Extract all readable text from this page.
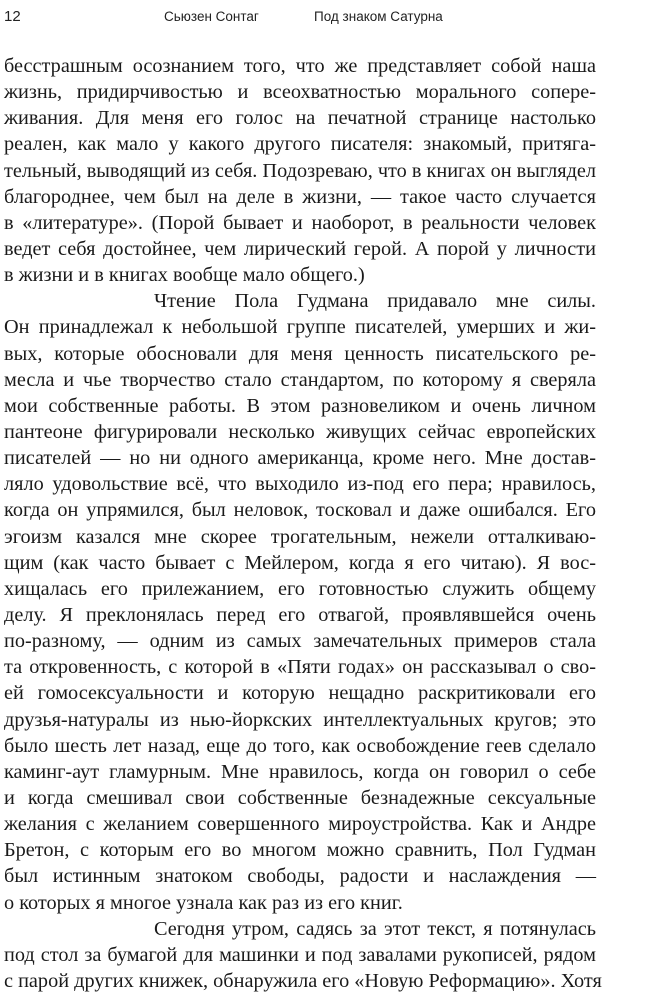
12	Сьюзен Сонтаг	Под знаком Сатурна
бесстрашным осознанием того, что же представляет собой наша
жизнь, придирчивостью и всеохватностью морального сопере-
живания. Для меня его голос на печатной странице настолько
реален, как мало у какого другого писателя: знакомый, притяга-
тельный, выводящий из себя. Подозреваю, что в книгах он выглядел
благороднее, чем был на деле в жизни, — такое часто случается
в «литературе». (Порой бывает и наоборот, в реальности человек
ведет себя достойнее, чем лирический герой. А порой у личности
в жизни и в книгах вообще мало общего.)
Чтение Пола Гудмана придавало мне силы.
Он принадлежал к небольшой группе писателей, умерших и жи-
вых, которые обосновали для меня ценность писательского ре-
месла и чье творчество стало стандартом, по которому я сверяла
мои собственные работы. В этом разновеликом и очень личном
пантеоне фигурировали несколько живущих сейчас европейских
писателей — но ни одного американца, кроме него. Мне достав-
ляло удовольствие всё, что выходило из-под его пера; нравилось,
когда он упрямился, был неловок, тосковал и даже ошибался. Его
эгоизм казался мне скорее трогательным, нежели отталкиваю-
щим (как часто бывает с Мейлером, когда я его читаю). Я вос-
хищалась его прилежанием, его готовностью служить общему
делу. Я преклонялась перед его отвагой, проявлявшейся очень
по-разному, — одним из самых замечательных примеров стала
та откровенность, с которой в «Пяти годах» он рассказывал о сво-
ей гомосексуальности и которую нещадно раскритиковали его
друзья-натуралы из нью-йоркских интеллектуальных кругов; это
было шесть лет назад, еще до того, как освобождение геев сделало
каминг-аут гламурным. Мне нравилось, когда он говорил о себе
и когда смешивал свои собственные безнадежные сексуальные
желания с желанием совершенного мироустройства. Как и Андре
Бретон, с которым его во многом можно сравнить, Пол Гудман
был истинным знатоком свободы, радости и наслаждения —
о которых я многое узнала как раз из его книг.
Сегодня утром, садясь за этот текст, я потянулась
под стол за бумагой для машинки и под завалами рукописей, рядом
с парой других книжек, обнаружила его «Новую Реформацию». Хотя
